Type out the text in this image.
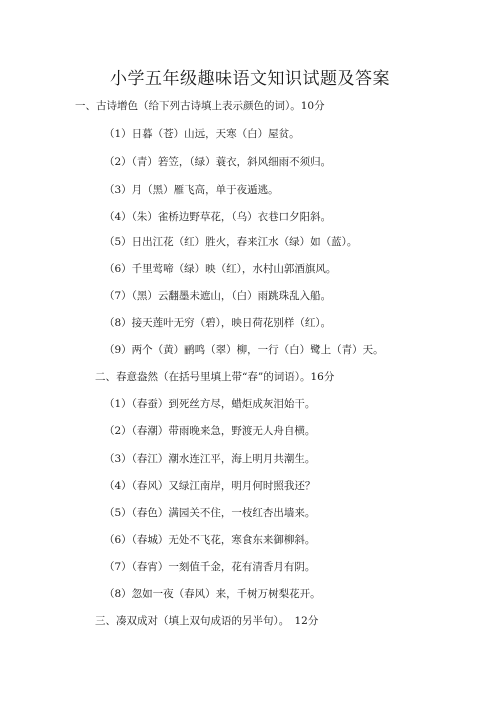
小学五年级趣味语文知识试题及答案
一、古诗增色（给下列古诗填上表示颜色的词）。10分
（1）日暮（苍）山远，天寒（白）屋贫。
（2）（青）箬笠，（绿）蓑衣，斜风细雨不须归。
（3）月（黑）雁飞高，单于夜遁逃。
（4）（朱）雀桥边野草花，（乌）衣巷口夕阳斜。
（5）日出江花（红）胜火，春来江水（绿）如（蓝）。
（6）千里莺啼（绿）映（红），水村山郭酒旗风。
（7）（黑）云翻墨未遮山，（白）雨跳珠乱入船。
（8）接天莲叶无穷（碧），映日荷花别样（红）。
（9）两个（黄）鹂鸣（翠）柳，一行（白）鹭上（青）天。
二、春意盎然（在括号里填上带“春”的词语）。16分
（1）（春蚕）到死丝方尽，蜡炬成灰泪始干。
（2）（春潮）带雨晚来急，野渡无人舟自横。
（3）（春江）潮水连江平，海上明月共潮生。
（4）（春风）又绿江南岸，明月何时照我还？
（5）（春色）满园关不住，一枝红杏出墙来。
（6）（春城）无处不飞花，寒食东来御柳斜。
（7）（春宵）一刻值千金，花有清香月有阴。
（8）忽如一夜（春风）来，千树万树梨花开。
三、凑双成对（填上双句成语的另半句）。　12分
